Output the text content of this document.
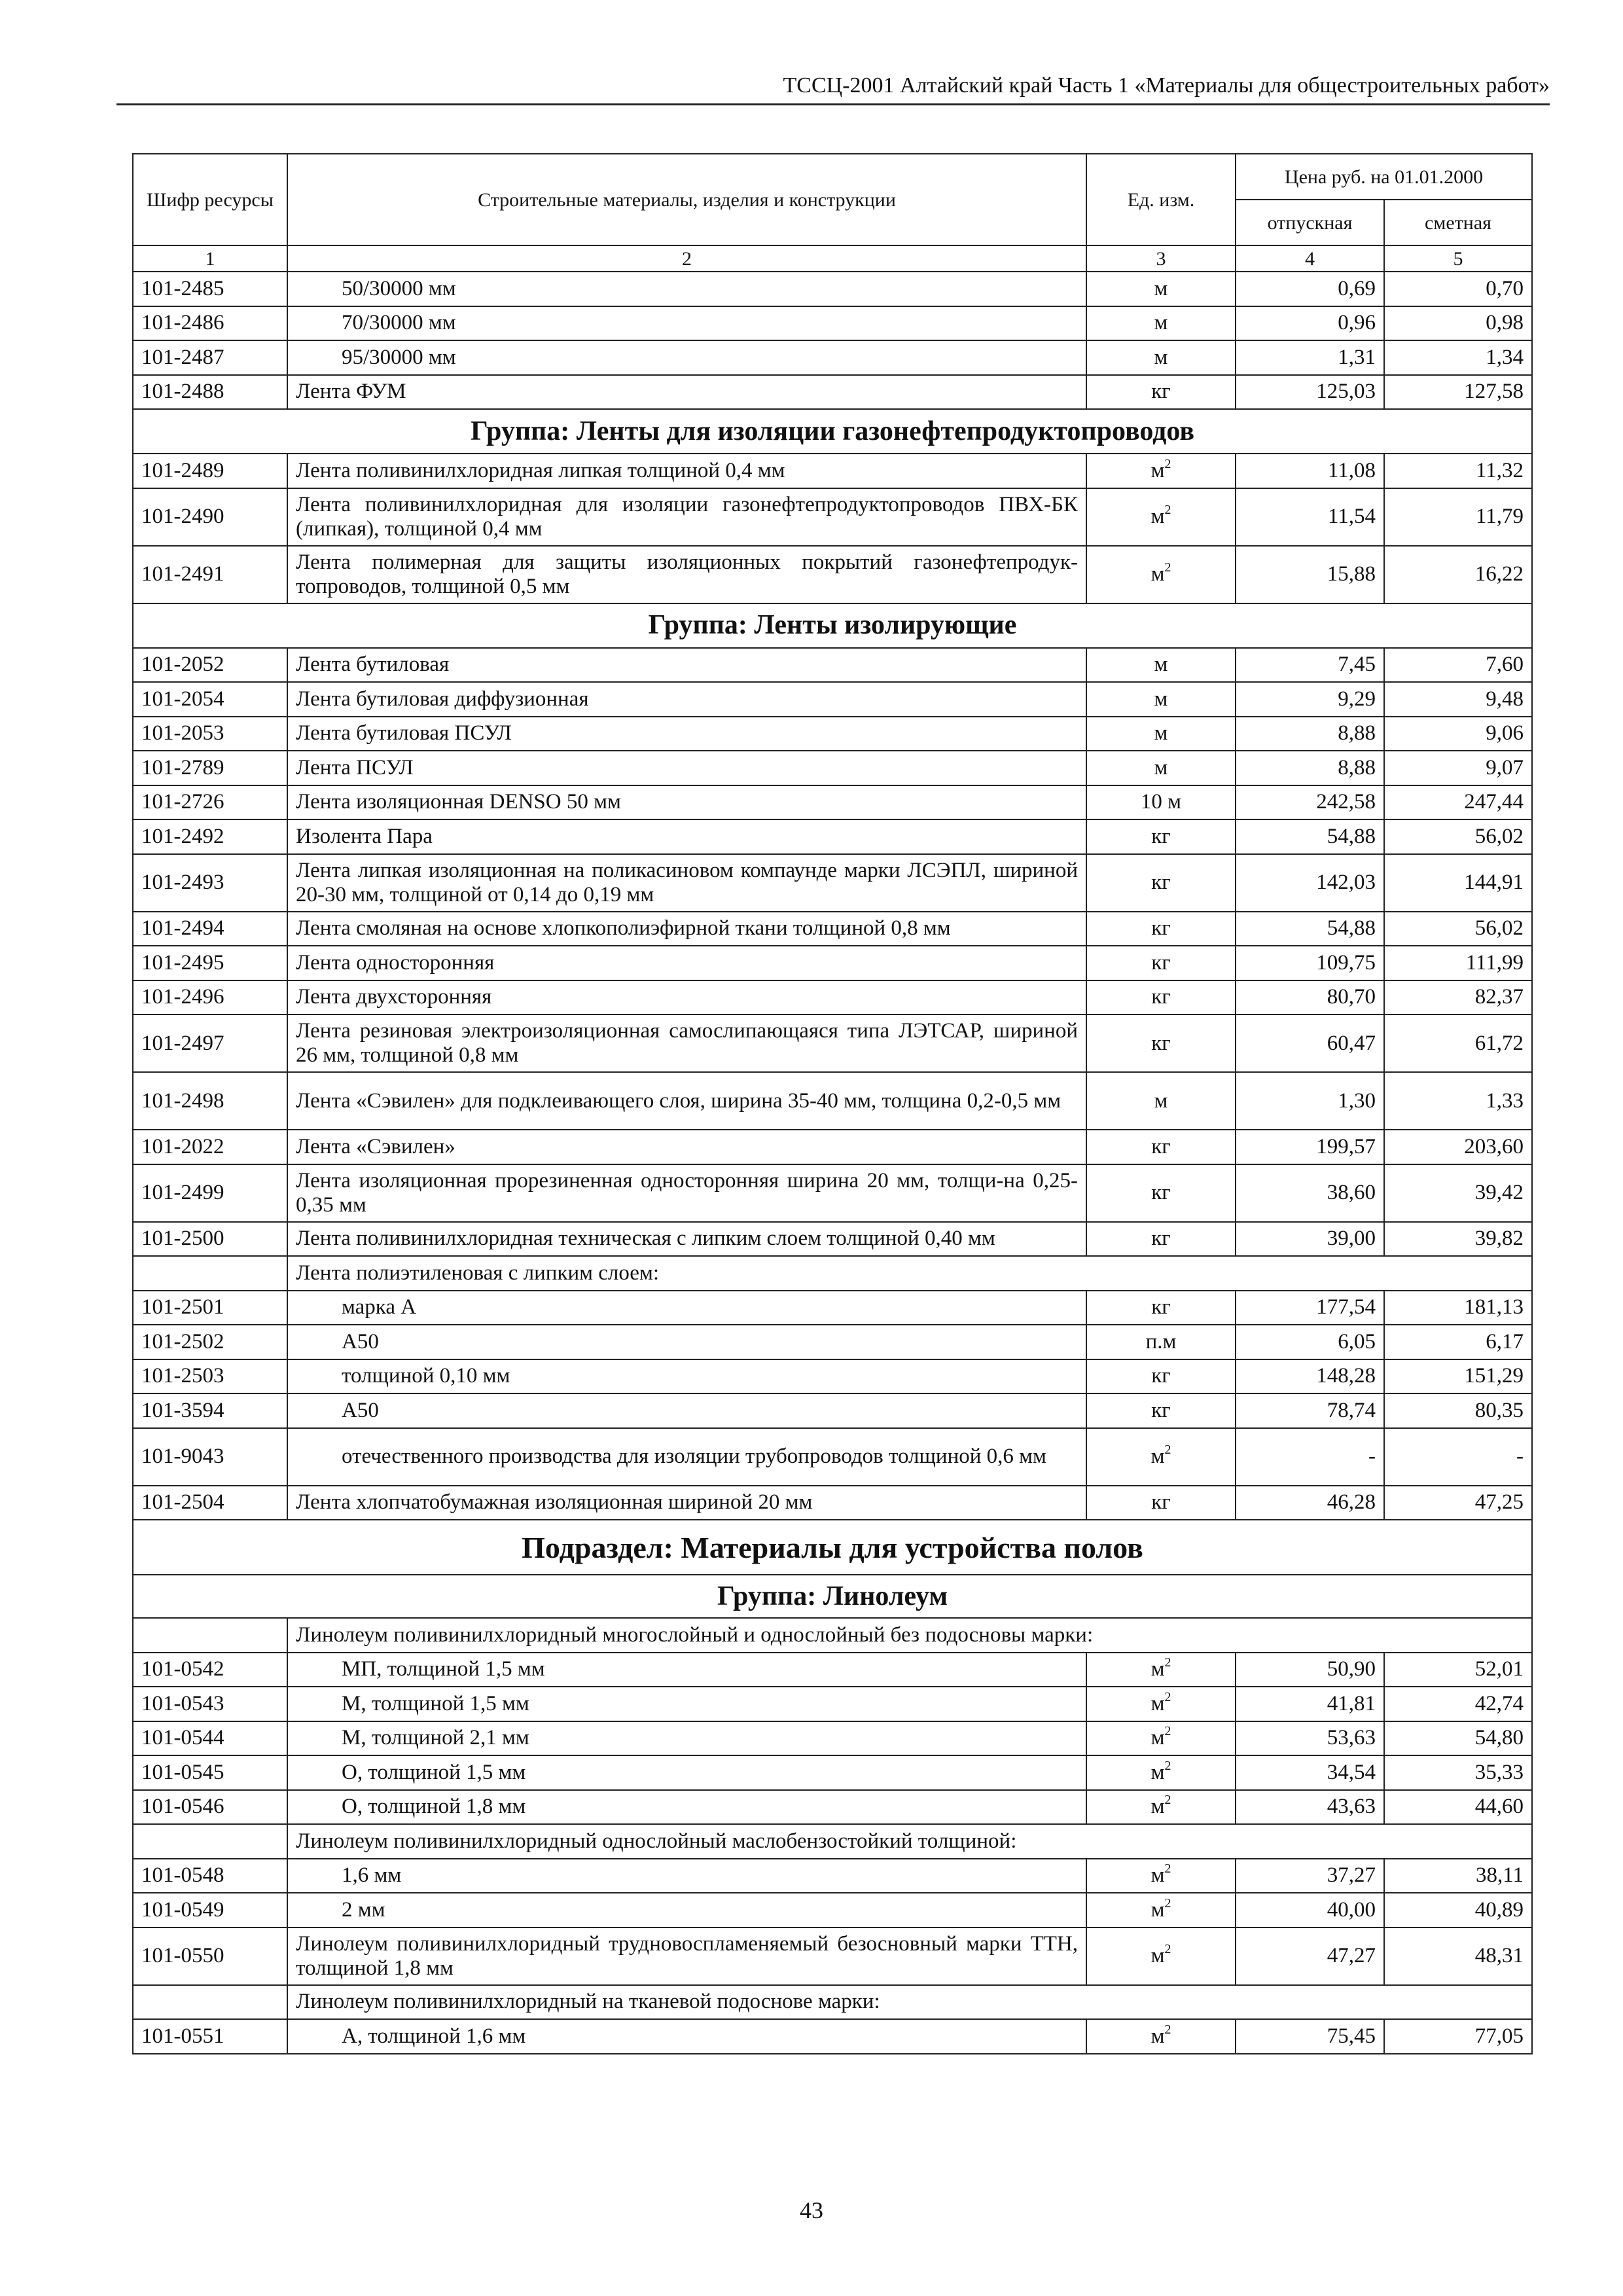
ТССЦ-2001 Алтайский край Часть 1 «Материалы для общестроительных работ»
Шифр ресурсы	Строительные материалы, изделия и конструкции	Ед. изм.	Цена руб. на 01.01.2000	
			отпускная	сметная
1	2	3	4	5
101-2485	50/30000 мм	м	0,69	0,70
101-2486	70/30000 мм	м	0,96	0,98
101-2487	95/30000 мм	м	1,31	1,34
101-2488	Лента ФУМ	кг	125,03	127,58
Группа: Ленты для изоляции газонефтепродуктопроводов				
101-2489	Лента поливинилхлоридная липкая толщиной 0,4 мм	$м^2$	11,08	11,32
101-2490	Лента поливинилхлоридная для изоляции газонефтепродуктопроводов ПВХ-БК (липкая), толщиной 0,4 мм	$м^2$	11,54	11,79
101-2491	Лента полимерная для защиты изоляционных покрытий газонефтепродук-топроводов, толщиной 0,5 мм	$м^2$	15,88	16,22
Группа: Ленты изолирующие				
101-2052	Лента бутиловая	м	7,45	7,60
101-2054	Лента бутиловая диффузионная	м	9,29	9,48
101-2053	Лента бутиловая ПСУЛ	м	8,88	9,06
101-2789	Лента ПСУЛ	м	8,88	9,07
101-2726	Лента изоляционная DENSO 50 мм	10 м	242,58	247,44
101-2492	Изолента Пара	кг	54,88	56,02
101-2493	Лента липкая изоляционная на поликасиновом компаунде марки ЛСЭПЛ, шириной 20-30 мм, толщиной от 0,14 до 0,19 мм	кг	142,03	144,91
101-2494	Лента смоляная на основе хлопкополиэфирной ткани толщиной 0,8 мм	кг	54,88	56,02
101-2495	Лента односторонняя	кг	109,75	111,99
101-2496	Лента двухсторонняя	кг	80,70	82,37
101-2497	Лента резиновая электроизоляционная самослипающаяся типа ЛЭТСАР, шириной 26 мм, толщиной 0,8 мм	кг	60,47	61,72
101-2498	Лента «Сэвилен» для подклеивающего слоя, ширина 35-40 мм, толщина 0,2-0,5 мм	м	1,30	1,33
101-2022	Лента «Сэвилен»	кг	199,57	203,60
101-2499	Лента изоляционная прорезиненная односторонняя ширина 20 мм, толщи-на 0,25-0,35 мм	кг	38,60	39,42
101-2500	Лента поливинилхлоридная техническая с липким слоем толщиной 0,40 мм	кг	39,00	39,82
	Лента полиэтиленовая с липким слоем:			
101-2501	марка А	кг	177,54	181,13
101-2502	А50	п.м	6,05	6,17
101-2503	толщиной 0,10 мм	кг	148,28	151,29
101-3594	А50	кг	78,74	80,35
101-9043	отечественного производства для изоляции трубопроводов толщиной 0,6 мм	$м^2$	-	-
101-2504	Лента хлопчатобумажная изоляционная шириной 20 мм	кг	46,28	47,25
Подраздел: Материалы для устройства полов				
Группа: Линолеум				
	Линолеум поливинилхлоридный многослойный и однослойный без подосновы марки:			
101-0542	МП, толщиной 1,5 мм	$м^2$	50,90	52,01
101-0543	М, толщиной 1,5 мм	$м^2$	41,81	42,74
101-0544	М, толщиной 2,1 мм	$м^2$	53,63	54,80
101-0545	О, толщиной 1,5 мм	$м^2$	34,54	35,33
101-0546	О, толщиной 1,8 мм	$м^2$	43,63	44,60
	Линолеум поливинилхлоридный однослойный маслобензостойкий толщиной:			
101-0548	1,6 мм	$м^2$	37,27	38,11
101-0549	2 мм	$м^2$	40,00	40,89
101-0550	Линолеум поливинилхлоридный трудновоспламеняемый безосновный марки ТТН, толщиной 1,8 мм	$м^2$	47,27	48,31
	Линолеум поливинилхлоридный на тканевой подоснове марки:			
101-0551	А, толщиной 1,6 мм	$м^2$	75,45	77,05
43
